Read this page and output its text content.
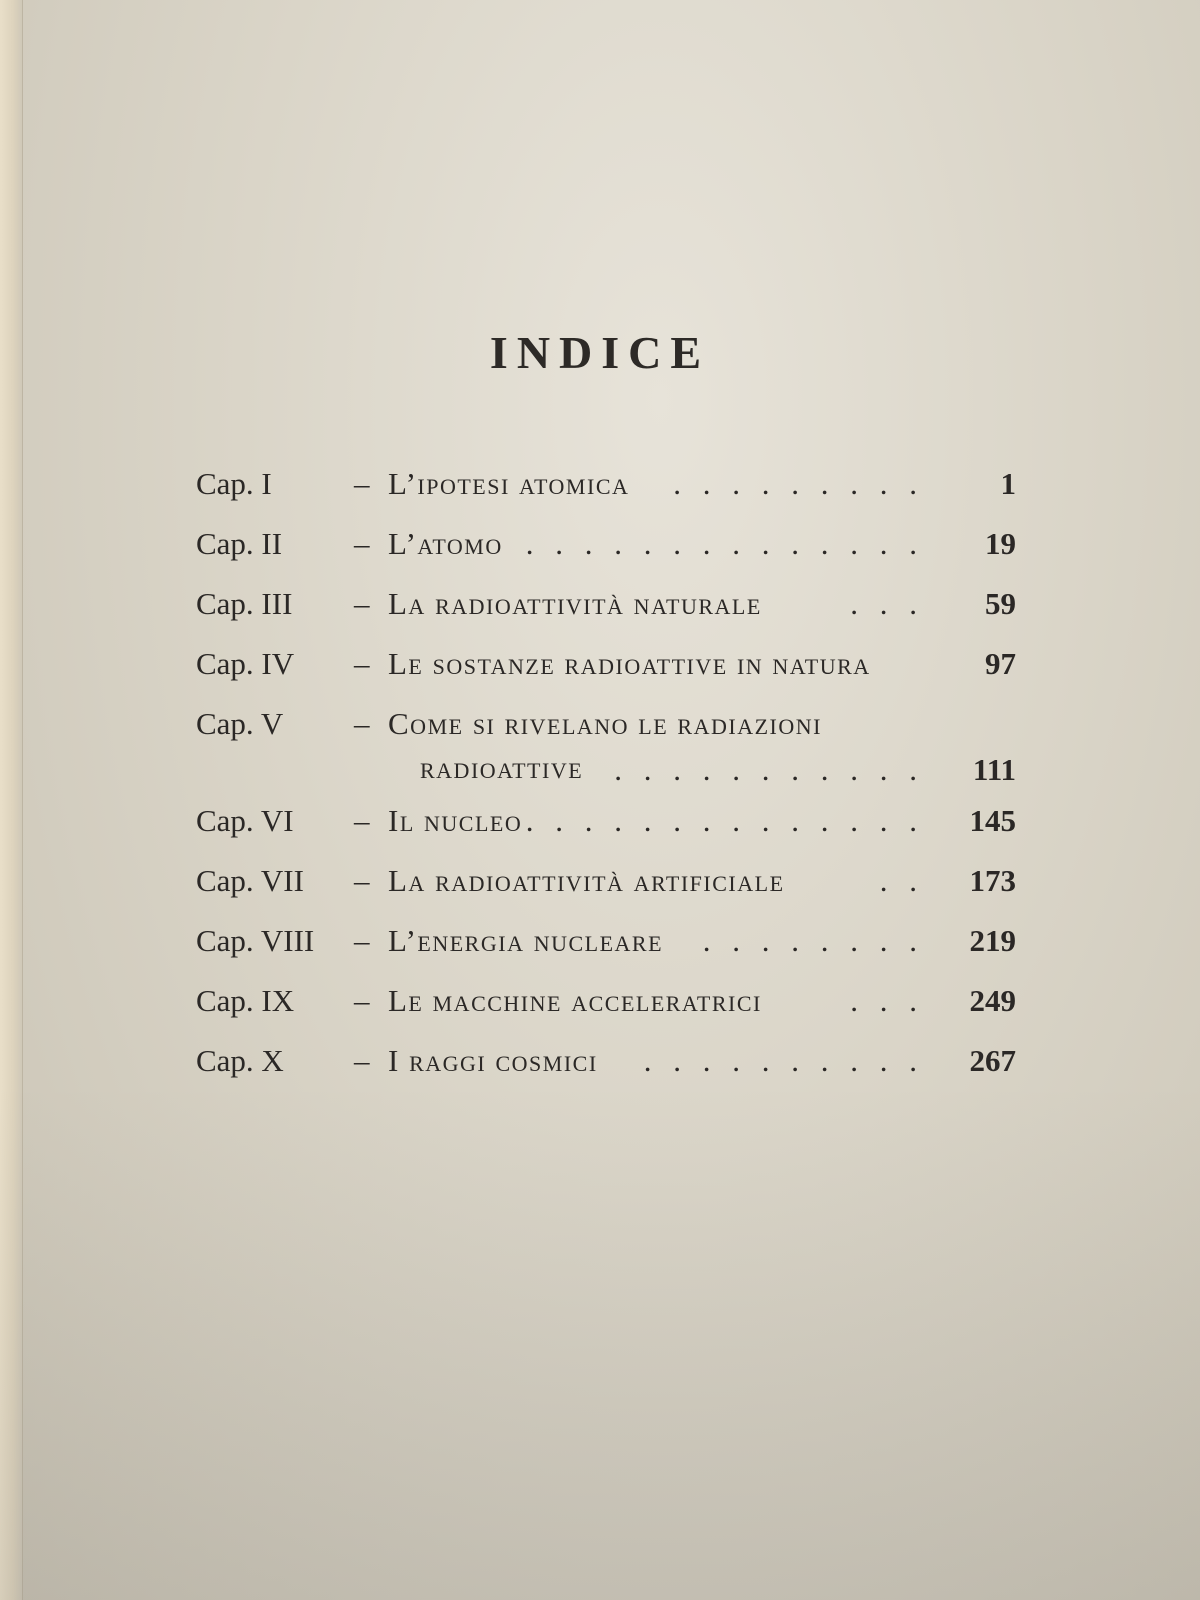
INDICE
Cap. I	– L’ipotesi atomica . . . . . . . . .	1
Cap. II – L’atomo . . . . . . . . . . . . . .	19
Cap. III – La radioattività naturale	. . .	59
Cap. IV – Le sostanze radioattive in natura	97
Cap. V – Come si rivelano le radiazioni
radioattive	. . . . . . . . . . .	111
Cap. VI – Il nucleo . . . . . . . . . . . . . .	145
Cap. VII – La radioattività artificiale	. .	173
Cap. VIII – L’energia nucleare . . . . . . . .	219
Cap. IX – Le macchine acceleratrici	. . .	249
Cap. X – I raggi cosmici . . . . . . . . . .	267
